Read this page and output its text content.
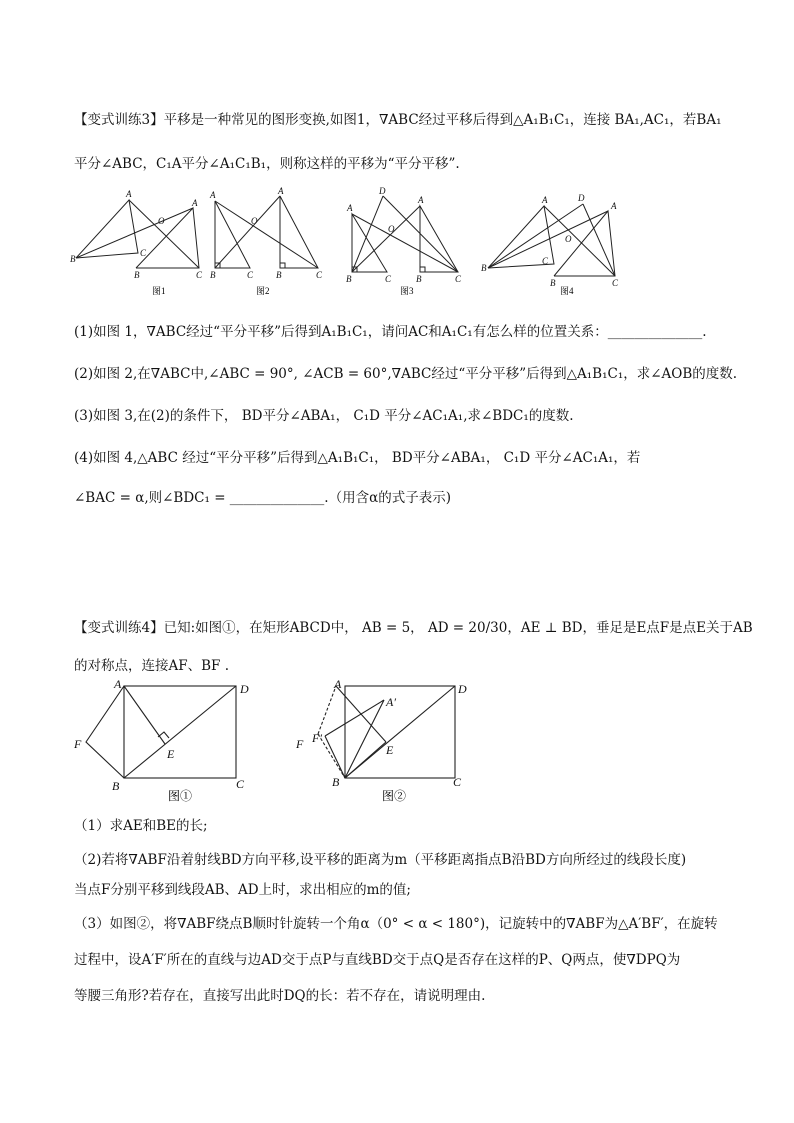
【变式训练3】平移是一种常见的图形变换,如图1，∇ABC经过平移后得到△A₁B₁C₁，连接 BA₁,AC₁，若BA₁
平分∠ABC，C₁A平分∠A₁C₁B₁，则称这样的平移为“平分平移”.
A
B
C
A
B	C
O
A
B	C
A
B	C
O
A
B	C
D
A
B	C
O
A
B
C
D
A
B	C
O
图1	图2	图3	图4
(1)如图 1，∇ABC经过“平分平移”后得到A₁B₁C₁，请问AC和A₁C₁有怎么样的位置关系：______________.
(2)如图 2,在∇ABC中,∠ABC = 90°, ∠ACB = 60°,∇ABC经过“平分平移”后得到△A₁B₁C₁，求∠AOB的度数.
(3)如图 3,在(2)的条件下， BD平分∠ABA₁， C₁D 平分∠AC₁A₁,求∠BDC₁的度数.
(4)如图 4,△ABC 经过“平分平移”后得到△A₁B₁C₁， BD平分∠ABA₁， C₁D 平分∠AC₁A₁，若
∠BAC = α,则∠BDC₁ = ______________.（用含α的式子表示)
【变式训练4】已知:如图①，在矩形ABCD中， AB = 5， AD = 20/30，AE ⊥ BD，垂足是E点F是点E关于AB
的对称点，连接AF、BF .
A	D
F
E
B	C
A	D
F F′
A′
E
B	C
图①	图②
（1）求AE和BE的长;
（2)若将∇ABF沿着射线BD方向平移,设平移的距离为m（平移距离指点B沿BD方向所经过的线段长度)
当点F分别平移到线段AB、AD上时，求出相应的m的值;
（3）如图②，将∇ABF绕点B顺时针旋转一个角α（0° < α < 180°)，记旋转中的∇ABF为△A′BF′，在旋转
过程中，设A′F′所在的直线与边AD交于点P与直线BD交于点Q是否存在这样的P、Q两点，使∇DPQ为
等腰三角形?若存在，直接写出此时DQ的长：若不存在，请说明理由.
